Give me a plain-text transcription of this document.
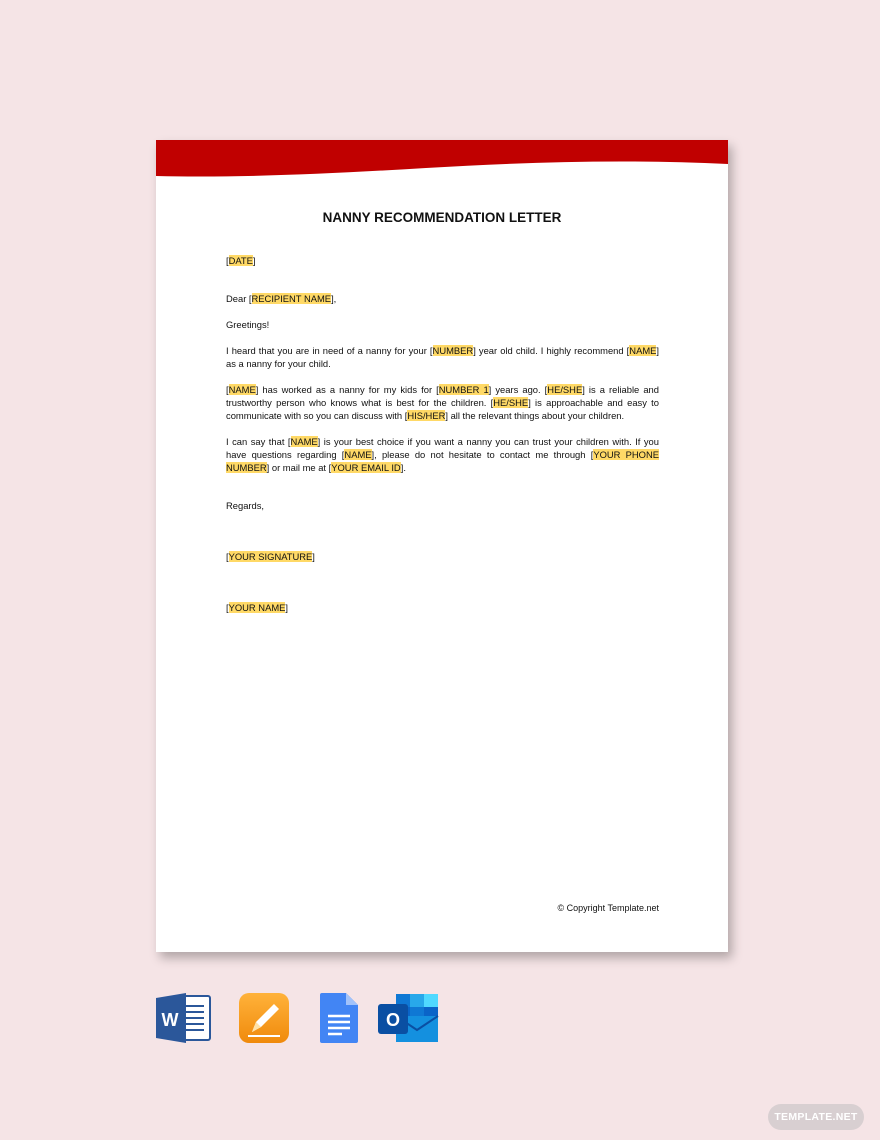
NANNY RECOMMENDATION LETTER
[DATE]
Dear [RECIPIENT NAME],
Greetings!
I heard that you are in need of a nanny for your [NUMBER] year old child. I highly recommend [NAME] as a nanny for your child.
[NAME] has worked as a nanny for my kids for [NUMBER 1] years ago. [HE/SHE] is a reliable and trustworthy person who knows what is best for the children. [HE/SHE] is approachable and easy to communicate with so you can discuss with [HIS/HER] all the relevant things about your children.
I can say that [NAME] is your best choice if you want a nanny you can trust your children with. If you have questions regarding [NAME], please do not hesitate to contact me through [YOUR PHONE NUMBER] or mail me at [YOUR EMAIL ID].
Regards,
[YOUR SIGNATURE]
[YOUR NAME]
© Copyright Template.net
W	O
TEMPLATE.NET
